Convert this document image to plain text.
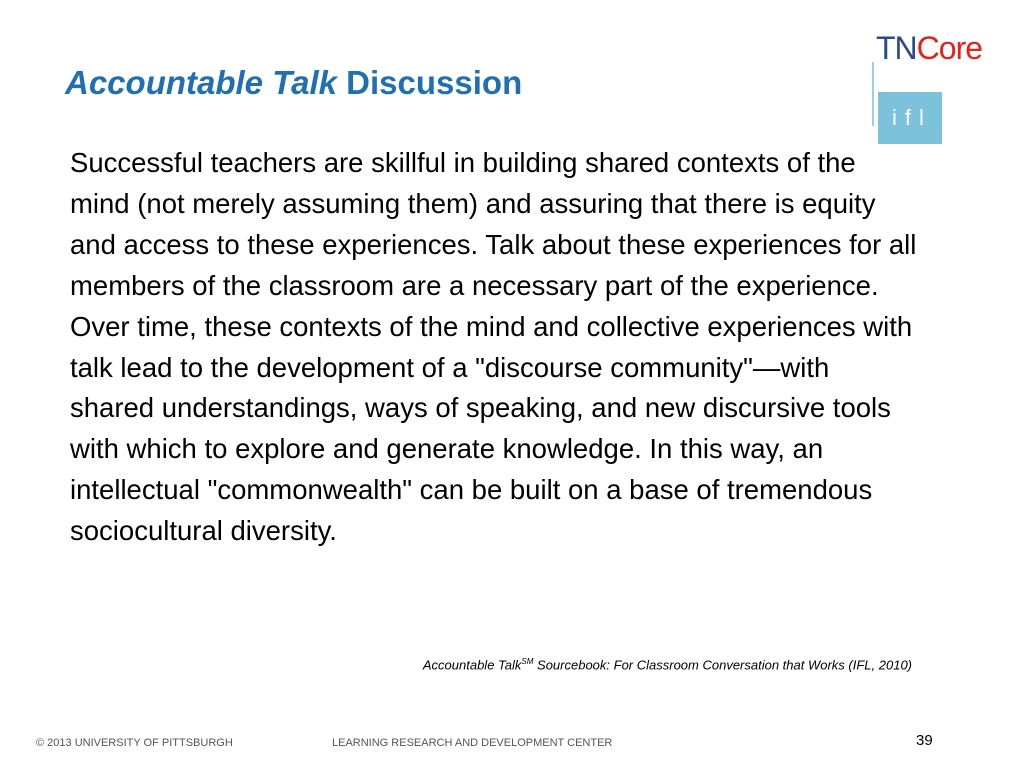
Accountable Talk Discussion
TNCore
ifl

Successful teachers are skillful in building shared contexts of the mind (not merely assuming them) and assuring that there is equity and access to these experiences. Talk about these experiences for all members of the classroom are a necessary part of the experience. Over time, these contexts of the mind and collective experiences with talk lead to the development of a "discourse community"—with shared understandings, ways of speaking, and new discursive tools with which to explore and generate knowledge. In this way, an intellectual "commonwealth" can be built on a base of tremendous sociocultural diversity.

Accountable Talk℠ Sourcebook: For Classroom Conversation that Works (IFL, 2010)
© 2013 UNIVERSITY OF PITTSBURGH	LEARNING RESEARCH AND DEVELOPMENT CENTER	39
